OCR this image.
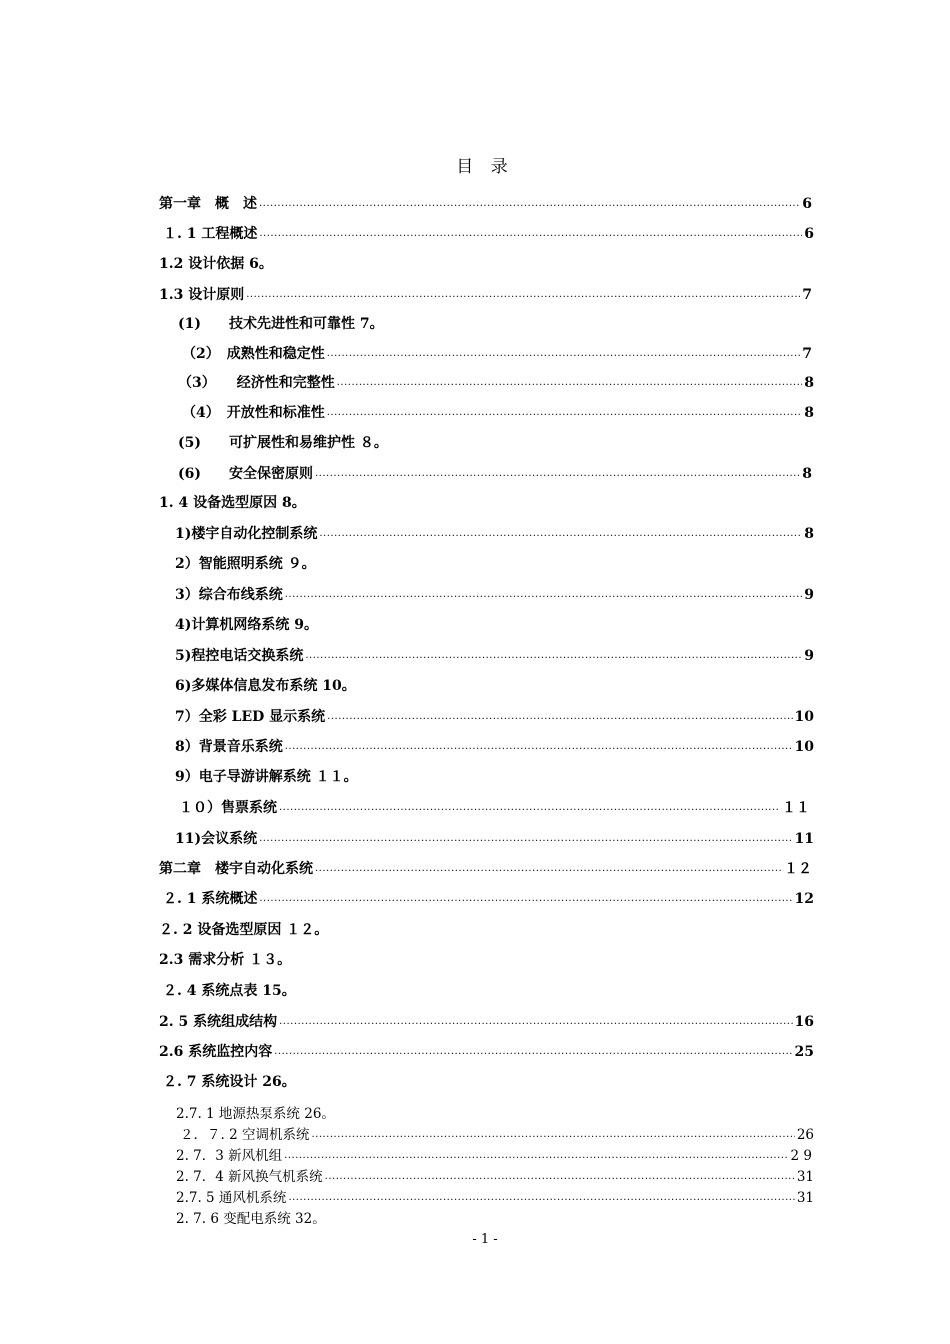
目 录
第一章　概　述 .....	6
１. 1 工程概述 .....	6
1.2 设计依据 6。
1.3 设计原则 .....	7
(1)　　技术先进性和可靠性 7。
（2）　成熟性和稳定性 .....	7
（3）　　经济性和完整性 .....	8
（4）　开放性和标准性 .....	8
(5)　　可扩展性和易维护性 ８。
(6)　　安全保密原则 .....	8
1. 4 设备选型原因 8。
1)楼宇自动化控制系统 .....	8
2）智能照明系统 ９。
3）综合布线系统 .....	9
4)计算机网络系统 9。
5)程控电话交换系统 .....	9
6)多媒体信息发布系统 10。
7）全彩 LED 显示系统 .....	10
8）背景音乐系统 .....	10
9）电子导游讲解系统 １１。
１０）售票系统 .....	１１
11)会议系统 .....	11
第二章　楼宇自动化系统 .....	１２
２. 1 系统概述 .....	12
２. 2 设备选型原因 １２。
2.3 需求分析 １３。
２. 4 系统点表 15。
2. 5 系统组成结构 .....	16
2.6 系统监控内容 .....	25
２. 7 系统设计 26。
2.7. 1 地源热泵系统 26。
２．７. 2 空调机系统 .....	26
2. 7．3 新风机组 .....	2 9
2. 7．4 新风换气机系统 .....	31
2.7. 5 通风机系统 .....	31
2. 7. 6 变配电系统 32。
- 1 -
